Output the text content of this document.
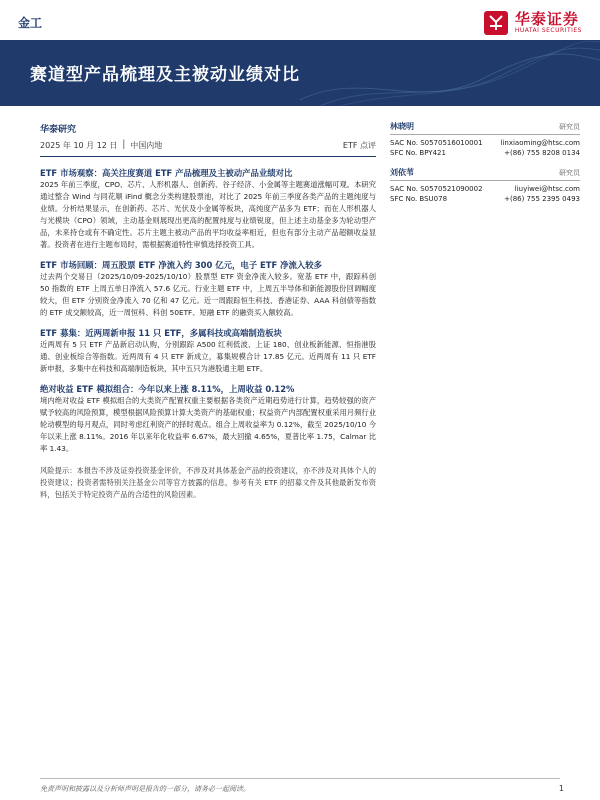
金工	华泰证券
HUATAI SECURITIES
赛道型产品梳理及主被动业绩对比
华泰研究
2025 年 10 月 12 日 │ 中国内地	ETF 点评
ETF 市场观察：高关注度赛道 ETF 产品梳理及主被动产品业绩对比
2025 年前三季度，CPO、芯片、人形机器人、创新药、谷子经济、小金属等主题赛道涨幅可观。本研究通过整合 Wind 与同花顺 iFind 概念分类构建股票池，对比了 2025 年前三季度各类产品的主题纯度与业绩。分析结果显示，在创新药、芯片、光伏及小金属等板块，高纯度产品多为 ETF；而在人形机器人与光模块（CPO）领域，主动基金则展现出更高的配置纯度与业绩锐度，但上述主动基金多为轮动型产品，未来持仓或有不确定性。芯片主题主被动产品的平均收益率相近，但也有部分主动产品超额收益显著。投资者在进行主题布局时，需根据赛道特性审慎选择投资工具。
ETF 市场回顾：周五股票 ETF 净流入约 300 亿元，电子 ETF 净流入较多
过去两个交易日（2025/10/09-2025/10/10）股票型 ETF 资金净流入较多。宽基 ETF 中，跟踪科创 50 指数的 ETF 上周五单日净流入 57.6 亿元。行业主题 ETF 中，上周五半导体和新能源股份回调幅度较大，但 ETF 分别资金净流入 70 亿和 47 亿元。近一周跟踪恒生科技、香港证券、AAA 科创债等指数的 ETF 成交额较高，近一周恒科、科创 50ETF、短融 ETF 的融资买入额较高。
ETF 募集：近两周新申报 11 只 ETF，多属科技或高端制造板块
近两周有 5 只 ETF 产品新启动认购，分别跟踪 A500 红利低波、上证 180、创业板新能源、恒指港股通、创业板综合等指数。近两周有 4 只 ETF 新成立，募集规模合计 17.85 亿元。近两周有 11 只 ETF 新申报，多集中在科技和高端制造板块，其中五只为港股通主题 ETF。
绝对收益 ETF 模拟组合：今年以来上涨 8.11%，上周收益 0.12%
境内绝对收益 ETF 模拟组合的大类资产配置权重主要根据各类资产近期趋势进行计算，趋势较强的资产赋予较高的风险预算，模型根据风险预算计算大类资产的基础权重；权益资产内部配置权重采用月频行业轮动模型的每月观点，同时考虑红利资产的择时观点。组合上周收益率为 0.12%，截至 2025/10/10 今年以来上涨 8.11%。2016 年以来年化收益率 6.67%，最大回撤 4.65%，夏普比率 1.75，Calmar 比率 1.43。
风险提示：本报告不涉及证券投资基金评价，不涉及对具体基金产品的投资建议，亦不涉及对具体个人的投资建议；投资者需特别关注基金公司等官方披露的信息，参考有关 ETF 的招募文件及其他最新发布资料，包括关于特定投资产品的合适性的风险因素。
林晓明	研究员
SAC No. S0570516010001	linxiaoming@htsc.com
SFC No. BPY421	+(86) 755 8208 0134
刘依苇	研究员
SAC No. S0570521090002	liuyiwei@htsc.com
SFC No. BSU078	+(86) 755 2395 0493
免责声明和披露以及分析师声明是报告的一部分，请务必一起阅读。	1
